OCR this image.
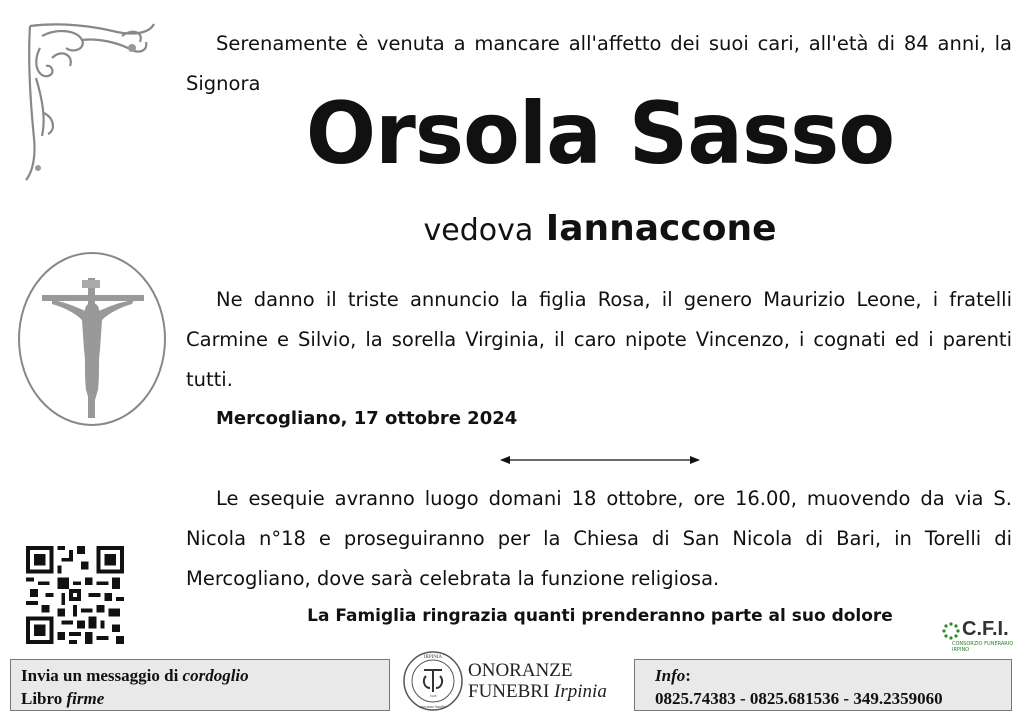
Serenamente è venuta a mancare all'affetto dei suoi cari, all'età di 84 anni, la Signora
Orsola Sasso
vedova Iannaccone
Ne danno il triste annuncio la figlia Rosa, il genero Maurizio Leone, i fratelli Carmine e Silvio, la sorella Virginia, il caro nipote Vincenzo, i cognati ed i parenti tutti.
Mercogliano, 17 ottobre 2024
Le esequie avranno luogo domani 18 ottobre, ore 16.00, muovendo da via S. Nicola n°18 e proseguiranno per la Chiesa di San Nicola di Bari, in Torelli di Mercogliano, dove sarà celebrata la funzione religiosa.
La Famiglia ringrazia quanti prenderanno parte al suo dolore
C.F.I.
CONSORZIO FUNERARIO IRPINO
Invia un messaggio di cordoglio
Libro firme
IRPINIA
1928
onoranze funebri
ONORANZE
FUNEBRI Irpinia
Info:
0825.74383 - 0825.681536 - 349.2359060
